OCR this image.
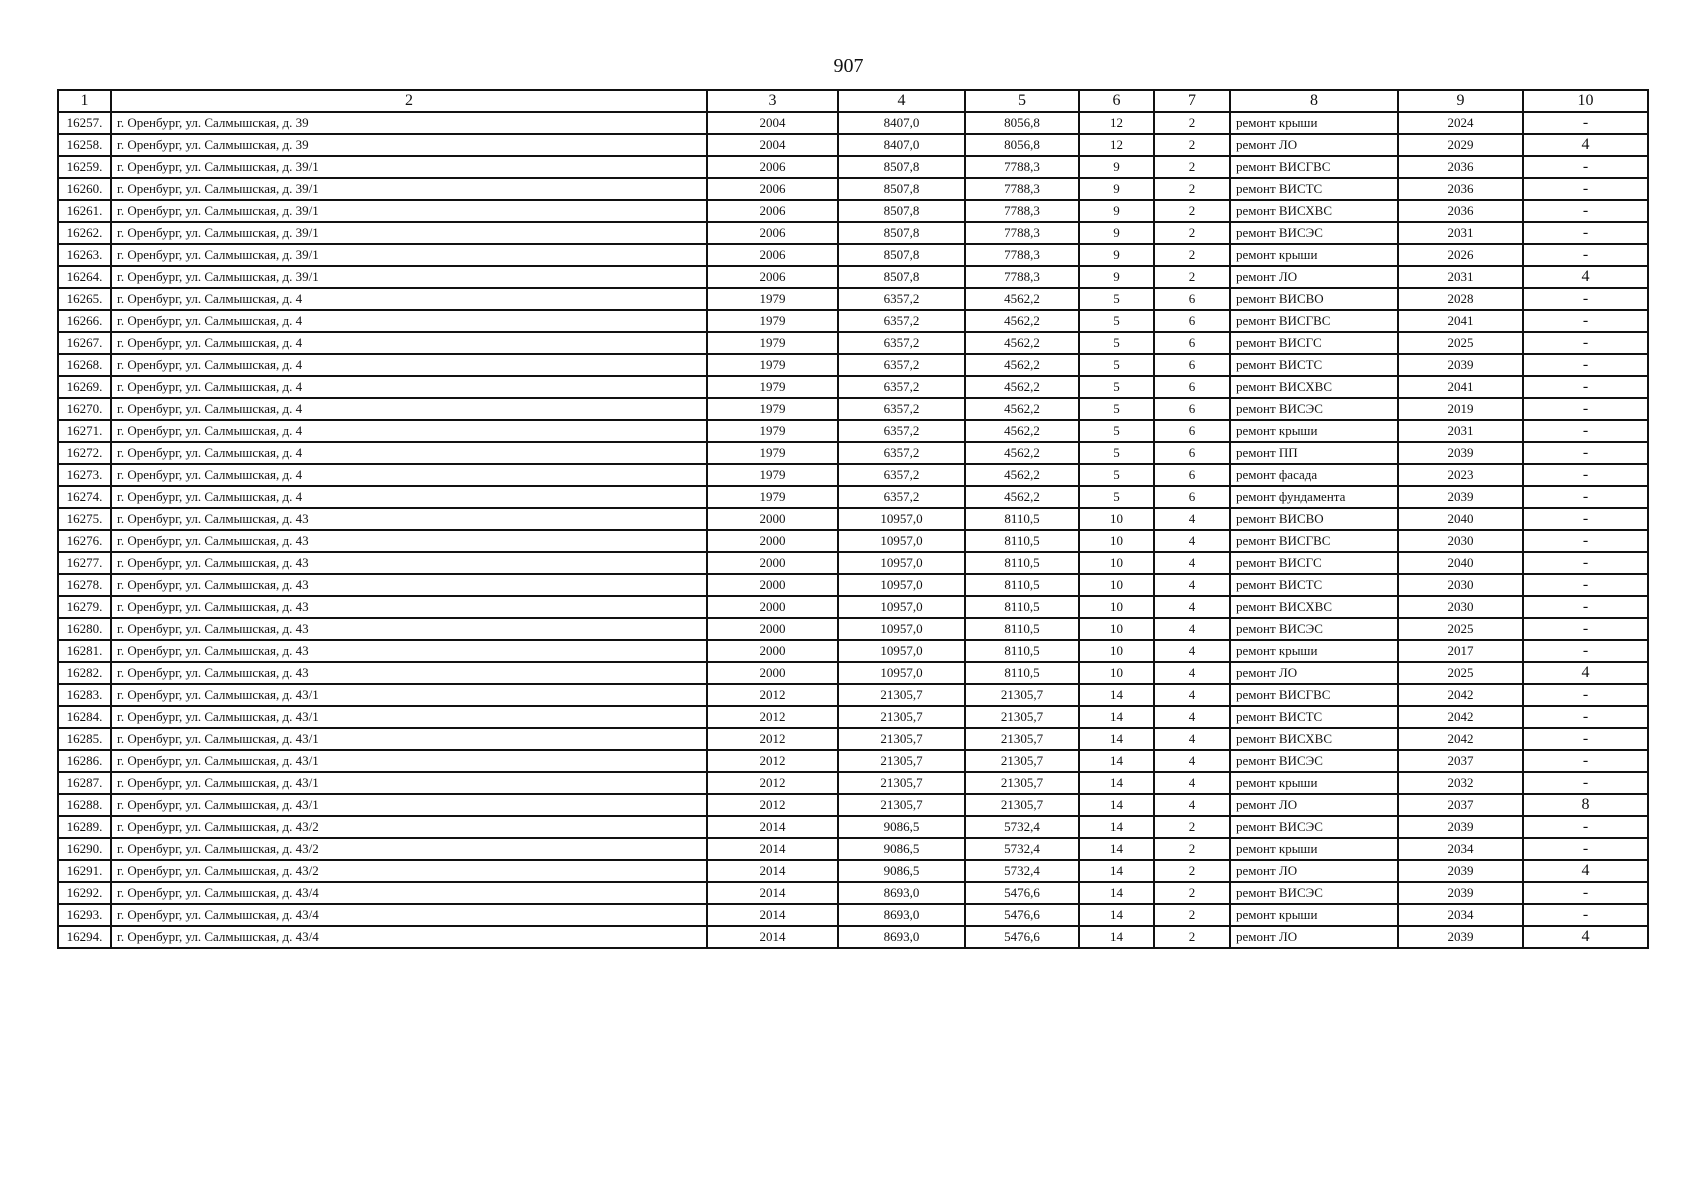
907
1	2	3	4	5	6	7	8	9	10
16257.	г. Оренбург, ул. Салмышская, д. 39	2004	8407,0	8056,8	12	2	ремонт крыши	2024	-
16258.	г. Оренбург, ул. Салмышская, д. 39	2004	8407,0	8056,8	12	2	ремонт ЛО	2029	4
16259.	г. Оренбург, ул. Салмышская, д. 39/1	2006	8507,8	7788,3	9	2	ремонт ВИСГВС	2036	-
16260.	г. Оренбург, ул. Салмышская, д. 39/1	2006	8507,8	7788,3	9	2	ремонт ВИСТС	2036	-
16261.	г. Оренбург, ул. Салмышская, д. 39/1	2006	8507,8	7788,3	9	2	ремонт ВИСХВС	2036	-
16262.	г. Оренбург, ул. Салмышская, д. 39/1	2006	8507,8	7788,3	9	2	ремонт ВИСЭС	2031	-
16263.	г. Оренбург, ул. Салмышская, д. 39/1	2006	8507,8	7788,3	9	2	ремонт крыши	2026	-
16264.	г. Оренбург, ул. Салмышская, д. 39/1	2006	8507,8	7788,3	9	2	ремонт ЛО	2031	4
16265.	г. Оренбург, ул. Салмышская, д. 4	1979	6357,2	4562,2	5	6	ремонт ВИСВО	2028	-
16266.	г. Оренбург, ул. Салмышская, д. 4	1979	6357,2	4562,2	5	6	ремонт ВИСГВС	2041	-
16267.	г. Оренбург, ул. Салмышская, д. 4	1979	6357,2	4562,2	5	6	ремонт ВИСГС	2025	-
16268.	г. Оренбург, ул. Салмышская, д. 4	1979	6357,2	4562,2	5	6	ремонт ВИСТС	2039	-
16269.	г. Оренбург, ул. Салмышская, д. 4	1979	6357,2	4562,2	5	6	ремонт ВИСХВС	2041	-
16270.	г. Оренбург, ул. Салмышская, д. 4	1979	6357,2	4562,2	5	6	ремонт ВИСЭС	2019	-
16271.	г. Оренбург, ул. Салмышская, д. 4	1979	6357,2	4562,2	5	6	ремонт крыши	2031	-
16272.	г. Оренбург, ул. Салмышская, д. 4	1979	6357,2	4562,2	5	6	ремонт ПП	2039	-
16273.	г. Оренбург, ул. Салмышская, д. 4	1979	6357,2	4562,2	5	6	ремонт фасада	2023	-
16274.	г. Оренбург, ул. Салмышская, д. 4	1979	6357,2	4562,2	5	6	ремонт фундамента	2039	-
16275.	г. Оренбург, ул. Салмышская, д. 43	2000	10957,0	8110,5	10	4	ремонт ВИСВО	2040	-
16276.	г. Оренбург, ул. Салмышская, д. 43	2000	10957,0	8110,5	10	4	ремонт ВИСГВС	2030	-
16277.	г. Оренбург, ул. Салмышская, д. 43	2000	10957,0	8110,5	10	4	ремонт ВИСГС	2040	-
16278.	г. Оренбург, ул. Салмышская, д. 43	2000	10957,0	8110,5	10	4	ремонт ВИСТС	2030	-
16279.	г. Оренбург, ул. Салмышская, д. 43	2000	10957,0	8110,5	10	4	ремонт ВИСХВС	2030	-
16280.	г. Оренбург, ул. Салмышская, д. 43	2000	10957,0	8110,5	10	4	ремонт ВИСЭС	2025	-
16281.	г. Оренбург, ул. Салмышская, д. 43	2000	10957,0	8110,5	10	4	ремонт крыши	2017	-
16282.	г. Оренбург, ул. Салмышская, д. 43	2000	10957,0	8110,5	10	4	ремонт ЛО	2025	4
16283.	г. Оренбург, ул. Салмышская, д. 43/1	2012	21305,7	21305,7	14	4	ремонт ВИСГВС	2042	-
16284.	г. Оренбург, ул. Салмышская, д. 43/1	2012	21305,7	21305,7	14	4	ремонт ВИСТС	2042	-
16285.	г. Оренбург, ул. Салмышская, д. 43/1	2012	21305,7	21305,7	14	4	ремонт ВИСХВС	2042	-
16286.	г. Оренбург, ул. Салмышская, д. 43/1	2012	21305,7	21305,7	14	4	ремонт ВИСЭС	2037	-
16287.	г. Оренбург, ул. Салмышская, д. 43/1	2012	21305,7	21305,7	14	4	ремонт крыши	2032	-
16288.	г. Оренбург, ул. Салмышская, д. 43/1	2012	21305,7	21305,7	14	4	ремонт ЛО	2037	8
16289.	г. Оренбург, ул. Салмышская, д. 43/2	2014	9086,5	5732,4	14	2	ремонт ВИСЭС	2039	-
16290.	г. Оренбург, ул. Салмышская, д. 43/2	2014	9086,5	5732,4	14	2	ремонт крыши	2034	-
16291.	г. Оренбург, ул. Салмышская, д. 43/2	2014	9086,5	5732,4	14	2	ремонт ЛО	2039	4
16292.	г. Оренбург, ул. Салмышская, д. 43/4	2014	8693,0	5476,6	14	2	ремонт ВИСЭС	2039	-
16293.	г. Оренбург, ул. Салмышская, д. 43/4	2014	8693,0	5476,6	14	2	ремонт крыши	2034	-
16294.	г. Оренбург, ул. Салмышская, д. 43/4	2014	8693,0	5476,6	14	2	ремонт ЛО	2039	4
